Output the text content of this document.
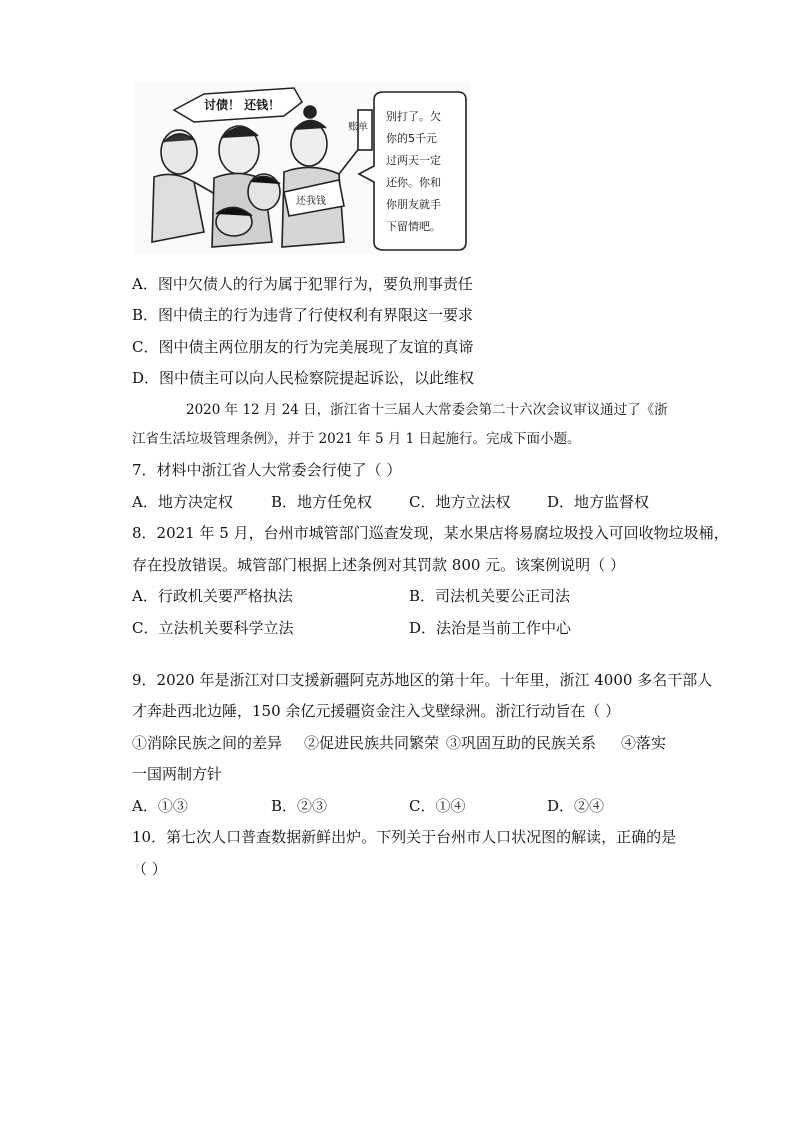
讨债！ 还钱！
账单
还我钱
别打了。欠
你的5千元
过两天一定
还你。你和
你朋友就手
下留情吧。
A．图中欠债人的行为属于犯罪行为，要负刑事责任
B．图中债主的行为违背了行使权利有界限这一要求
C．图中债主两位朋友的行为完美展现了友谊的真谛
D．图中债主可以向人民检察院提起诉讼，以此维权
2020 年 12 月 24 日，浙江省十三届人大常委会第二十六次会议审议通过了《浙
江省生活垃圾管理条例》，并于 2021 年 5 月 1 日起施行。完成下面小题。
7．材料中浙江省人大常委会行使了（ ）
A．地方决定权	B．地方任免权 C．地方立法权 D．地方监督权
8．2021 年 5 月，台州市城管部门巡查发现，某水果店将易腐垃圾投入可回收物垃圾桶，
存在投放错误。城管部门根据上述条例对其罚款 800 元。该案例说明（ ）
A．行政机关要严格执法	B．司法机关要公正司法
C．立法机关要科学立法	D．法治是当前工作中心
9．2020 年是浙江对口支援新疆阿克苏地区的第十年。十年里，浙江 4000 多名干部人
才奔赴西北边陲，150 余亿元援疆资金注入戈壁绿洲。浙江行动旨在（ ）
①消除民族之间的差异 ②促进民族共同繁荣 ③巩固互助的民族关系 ④落实
一国两制方针
A．①③	B．②③	C．①④	D．②④
10．第七次人口普查数据新鲜出炉。下列关于台州市人口状况图的解读，正确的是
（ ）
